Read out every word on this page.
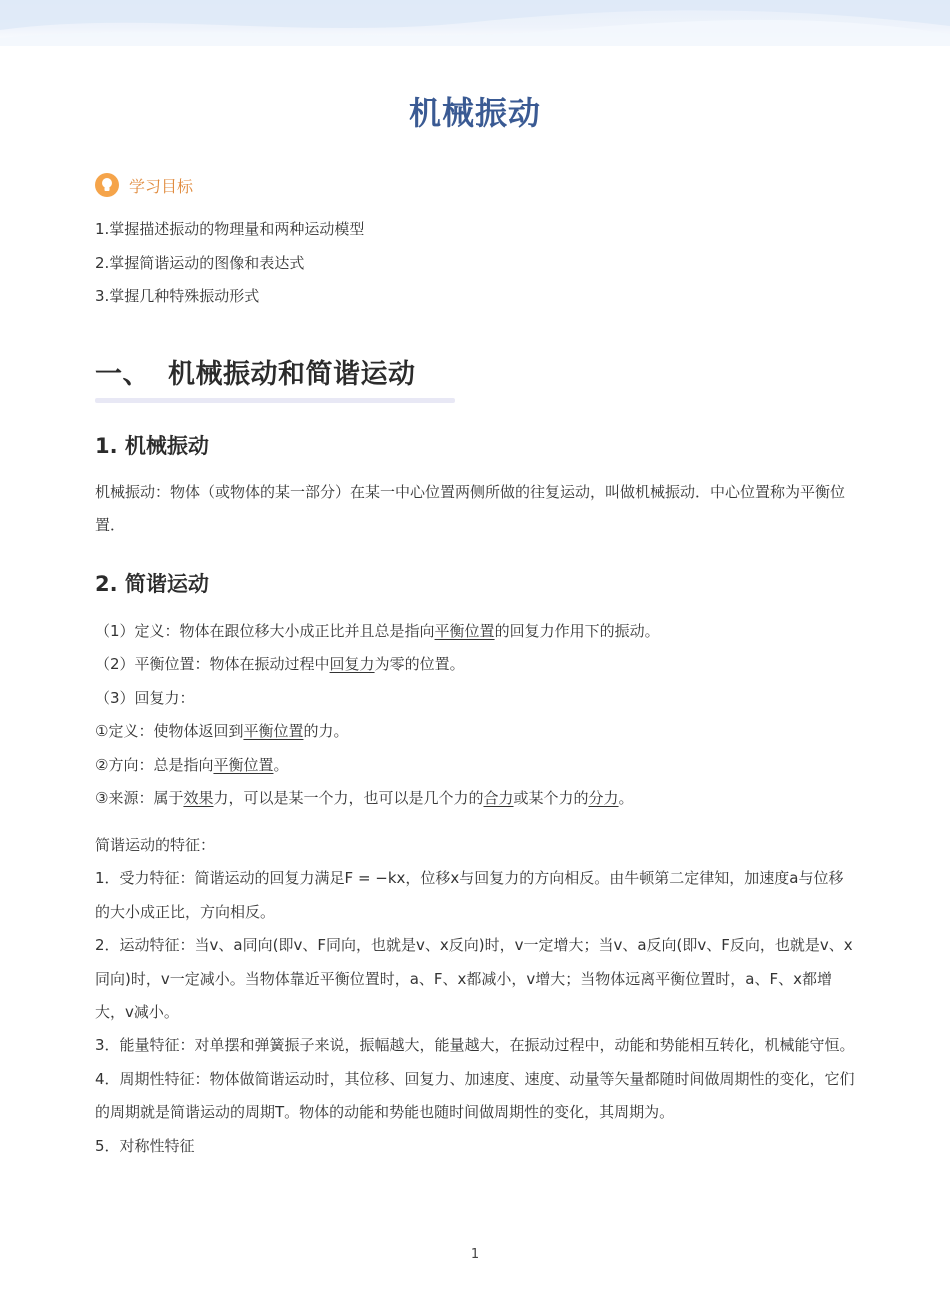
机械振动
学习目标
1.掌握描述振动的物理量和两种运动模型
2.掌握简谐运动的图像和表达式
3.掌握几种特殊振动形式
一、 机械振动和简谐运动
1. 机械振动
机械振动：物体（或物体的某一部分）在某一中心位置两侧所做的往复运动，叫做机械振动．中心位置称为平衡位置．
2. 简谐运动
（1）定义：物体在跟位移大小成正比并且总是指向平衡位置的回复力作用下的振动。
（2）平衡位置：物体在振动过程中回复力为零的位置。
（3）回复力：
①定义：使物体返回到平衡位置的力。
②方向：总是指向平衡位置。
③来源：属于效果力，可以是某一个力，也可以是几个力的合力或某个力的分力。
简谐运动的特征：
1．受力特征：简谐运动的回复力满足F = −kx，位移x与回复力的方向相反。由牛顿第二定律知，加速度a与位移的大小成正比，方向相反。
2．运动特征：当v、a同向(即v、F同向，也就是v、x反向)时，v一定增大；当v、a反向(即v、F反向，也就是v、x同向)时，v一定减小。当物体靠近平衡位置时，a、F、x都减小，v增大；当物体远离平衡位置时，a、F、x都增大，v减小。
3．能量特征：对单摆和弹簧振子来说，振幅越大，能量越大，在振动过程中，动能和势能相互转化，机械能守恒。
4．周期性特征：物体做简谐运动时，其位移、回复力、加速度、速度、动量等矢量都随时间做周期性的变化，它们的周期就是简谐运动的周期T。物体的动能和势能也随时间做周期性的变化，其周期为。
5．对称性特征
1
